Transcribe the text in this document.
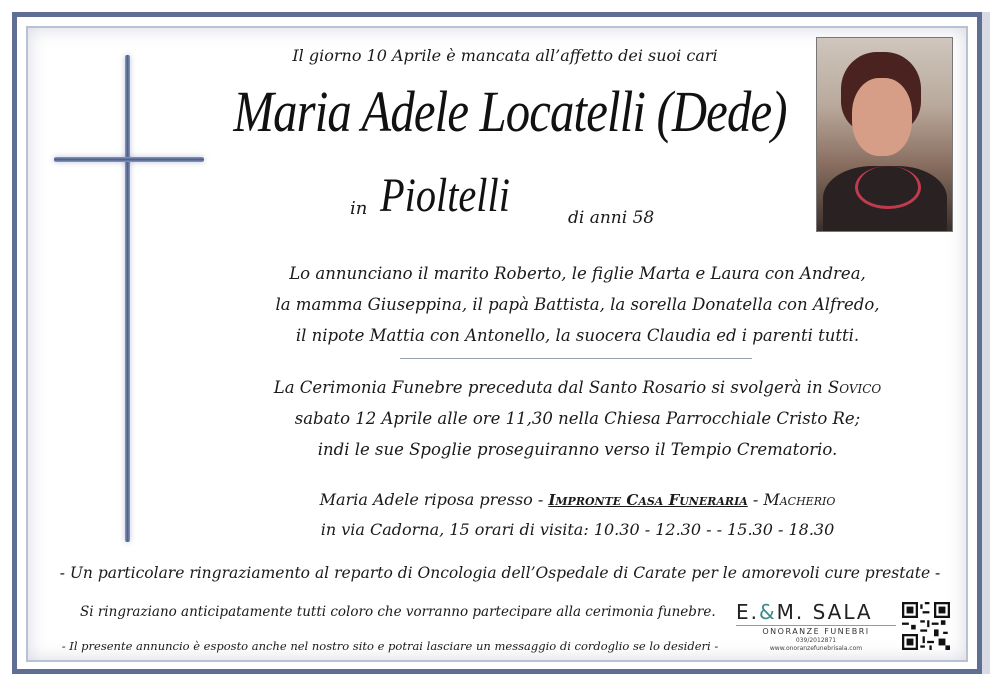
Il giorno 10 Aprile è mancata all’affetto dei suoi cari
Maria Adele Locatelli (Dede)
in Pioltelli	di anni 58
Lo annunciano il marito Roberto, le figlie Marta e Laura con Andrea,
la mamma Giuseppina, il papà Battista, la sorella Donatella con Alfredo,
il nipote Mattia con Antonello, la suocera Claudia ed i parenti tutti.
La Cerimonia Funebre preceduta dal Santo Rosario si svolgerà in Sovico
sabato 12 Aprile alle ore 11,30 nella Chiesa Parrocchiale Cristo Re;
indi le sue Spoglie proseguiranno verso il Tempio Crematorio.
Maria Adele riposa presso - Impronte Casa Funeraria - Macherio
in via Cadorna, 15 orari di visita: 10.30 - 12.30 - - 15.30 - 18.30
- Un particolare ringraziamento al reparto di Oncologia dell’Ospedale di Carate per le amorevoli cure prestate -
Si ringraziano anticipatamente tutti coloro che vorranno partecipare alla cerimonia funebre.
- Il presente annuncio è esposto anche nel nostro sito e potrai lasciare un messaggio di cordoglio se lo desideri -
E.&M. SALA
ONORANZE FUNEBRI
039/2012871
www.onoranzefunebrisala.com
